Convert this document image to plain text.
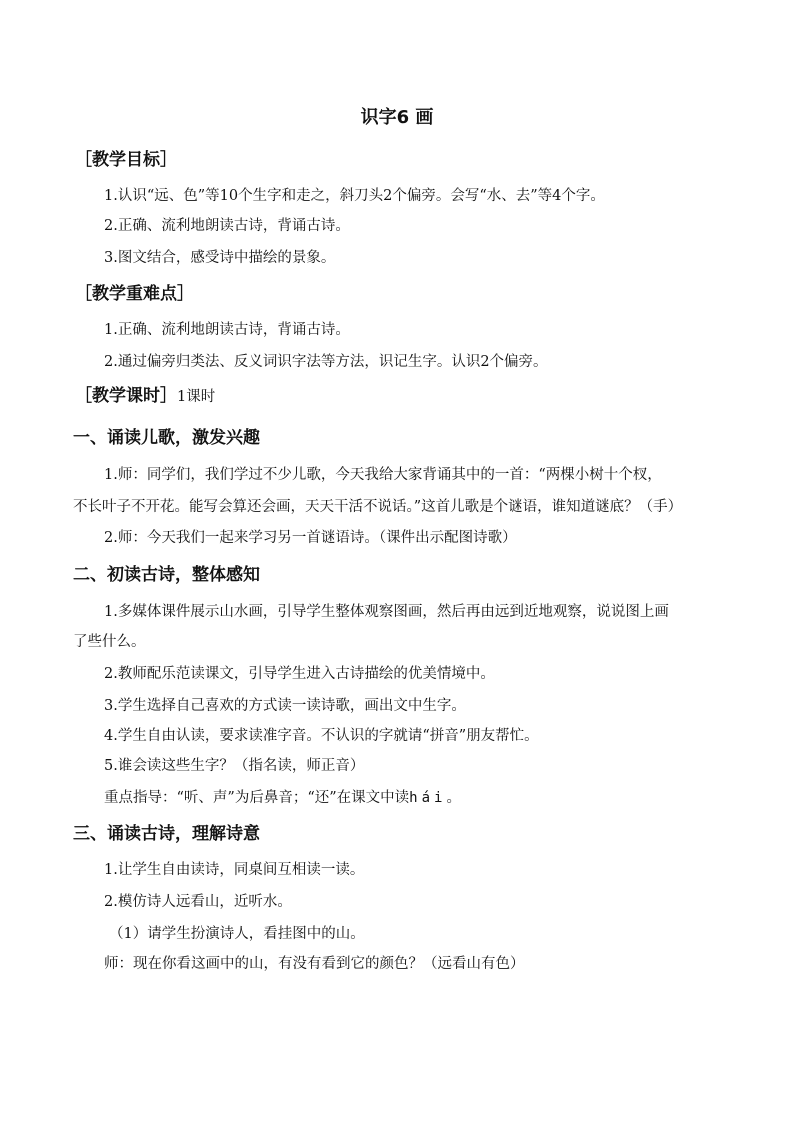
识字6 画
［教学目标］
1.认识“远、色”等10个生字和走之，斜刀头2个偏旁。会写“水、去”等4个字。
2.正确、流利地朗读古诗，背诵古诗。
3.图文结合，感受诗中描绘的景象。
［教学重难点］
1.正确、流利地朗读古诗，背诵古诗。
2.通过偏旁归类法、反义词识字法等方法，识记生字。认识2个偏旁。
［教学课时］1课时
一、诵读儿歌，激发兴趣
1.师：同学们，我们学过不少儿歌，今天我给大家背诵其中的一首：“两棵小树十个杈，
不长叶子不开花。能写会算还会画，天天干活不说话。”这首儿歌是个谜语，谁知道谜底？（手）
2.师：今天我们一起来学习另一首谜语诗。（课件出示配图诗歌）
二、初读古诗，整体感知
1.多媒体课件展示山水画，引导学生整体观察图画，然后再由远到近地观察，说说图上画
了些什么。
2.教师配乐范读课文，引导学生进入古诗描绘的优美情境中。
3.学生选择自己喜欢的方式读一读诗歌，画出文中生字。
4.学生自由认读，要求读准字音。不认识的字就请“拼音”朋友帮忙。
5.谁会读这些生字？（指名读，师正音）
重点指导：“听、声”为后鼻音；“还”在课文中读hái。
三、诵读古诗，理解诗意
1.让学生自由读诗，同桌间互相读一读。
2.模仿诗人远看山，近听水。
（1）请学生扮演诗人，看挂图中的山。
师：现在你看这画中的山，有没有看到它的颜色？（远看山有色）
